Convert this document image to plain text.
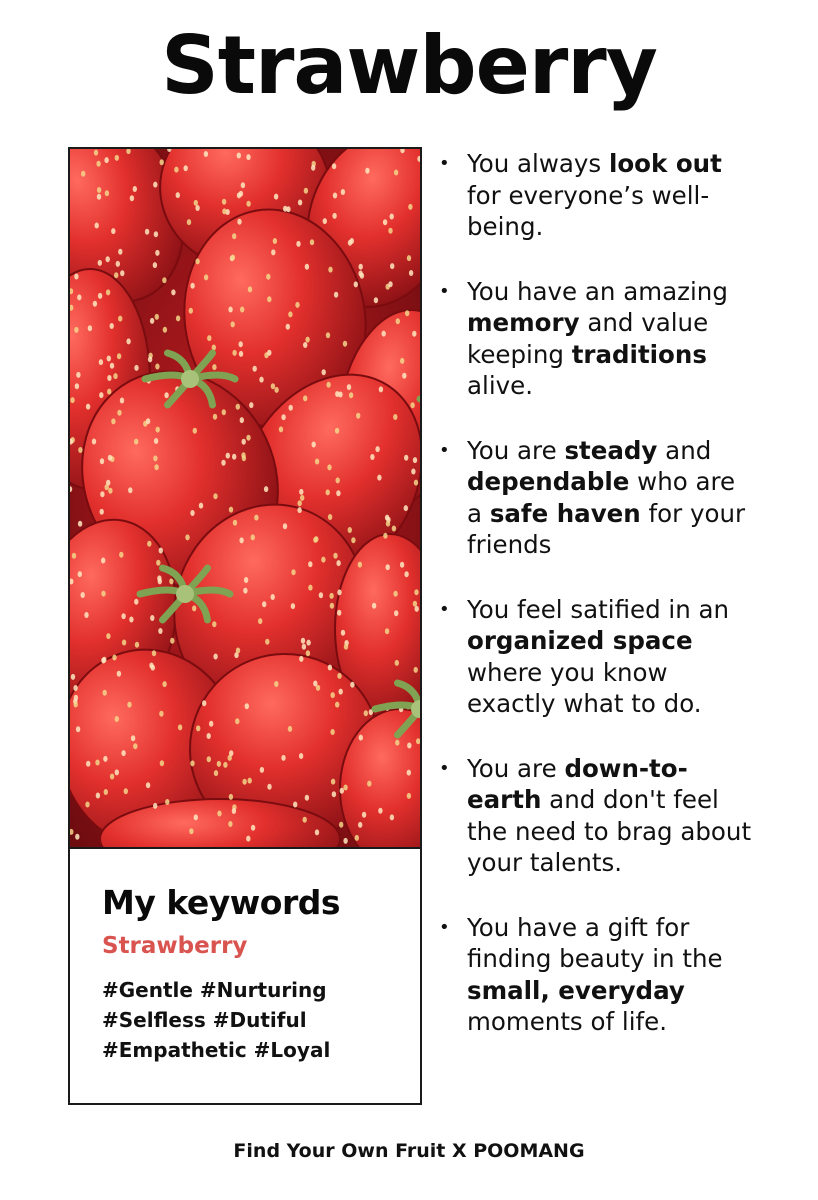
Strawberry
My keywords
Strawberry
#Gentle #Nurturing
#Selfless #Dutiful
#Empathetic #Loyal
• You always look out for everyone’s well-being.
• You have an amazing memory and value keeping traditions alive.
• You are steady and dependable who are a safe haven for your friends
• You feel satified in an organized space where you know exactly what to do.
• You are down-to-earth and don't feel the need to brag about your talents.
• You have a gift for finding beauty in the small, everyday moments of life.
Find Your Own Fruit X POOMANG
